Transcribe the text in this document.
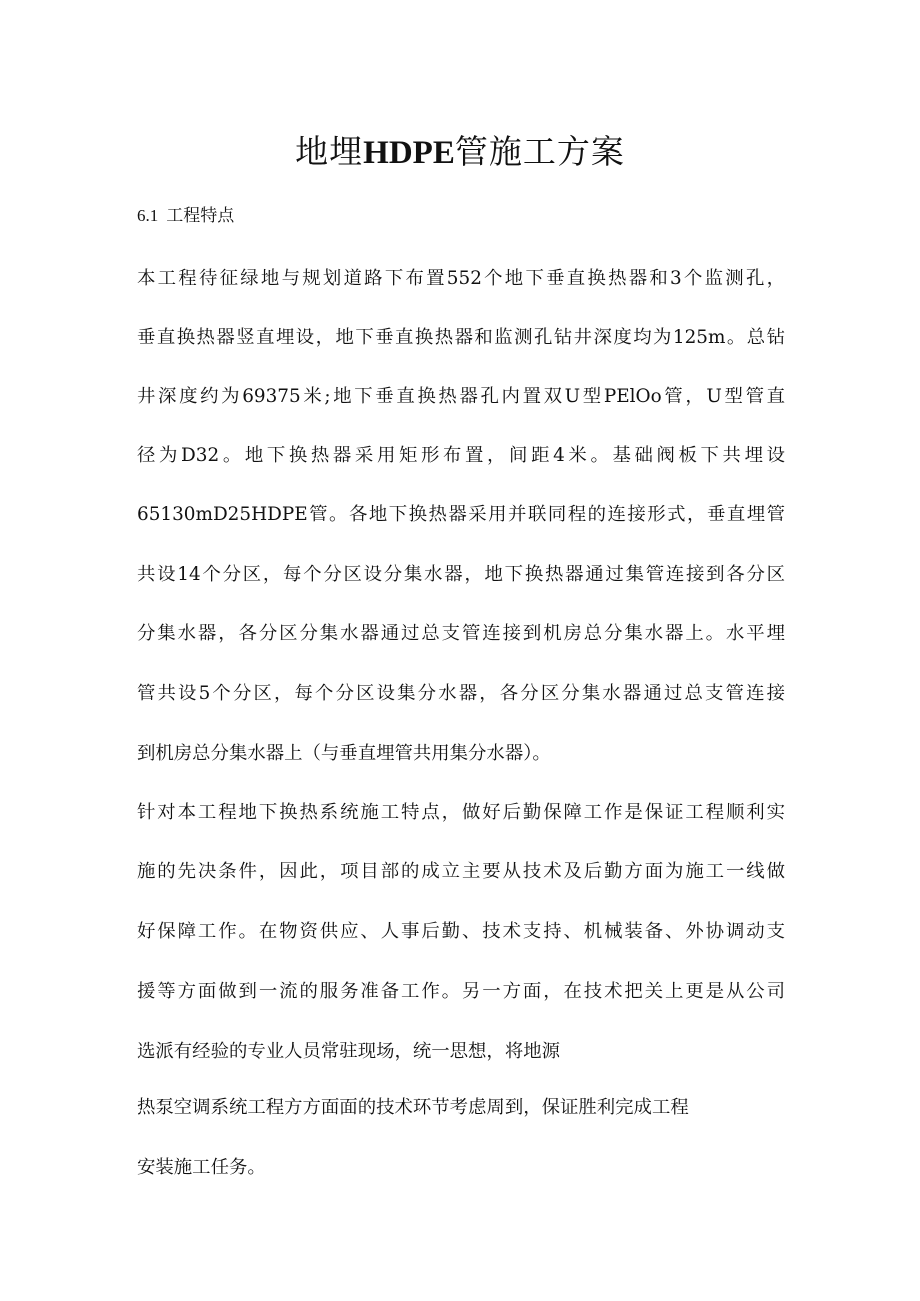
地埋HDPE管施工方案
6.1 工程特点

本工程待征绿地与规划道路下布置552个地下垂直换热器和3个监测孔，

垂直换热器竖直埋设，地下垂直换热器和监测孔钻井深度均为125m。总钻

井深度约为69375米;地下垂直换热器孔内置双U型PElOo管，U型管直

径为D32。地下换热器采用矩形布置，间距4米。基础阀板下共埋设

65130mD25HDPE管。各地下换热器采用并联同程的连接形式，垂直埋管

共设14个分区，每个分区设分集水器，地下换热器通过集管连接到各分区

分集水器，各分区分集水器通过总支管连接到机房总分集水器上。水平埋

管共设5个分区，每个分区设集分水器，各分区分集水器通过总支管连接

到机房总分集水器上（与垂直埋管共用集分水器）。

针对本工程地下换热系统施工特点，做好后勤保障工作是保证工程顺利实

施的先决条件，因此，项目部的成立主要从技术及后勤方面为施工一线做

好保障工作。在物资供应、人事后勤、技术支持、机械装备、外协调动支

援等方面做到一流的服务准备工作。另一方面，在技术把关上更是从公司

选派有经验的专业人员常驻现场，统一思想，将地源

热泵空调系统工程方方面面的技术环节考虑周到，保证胜利完成工程

安装施工任务。
